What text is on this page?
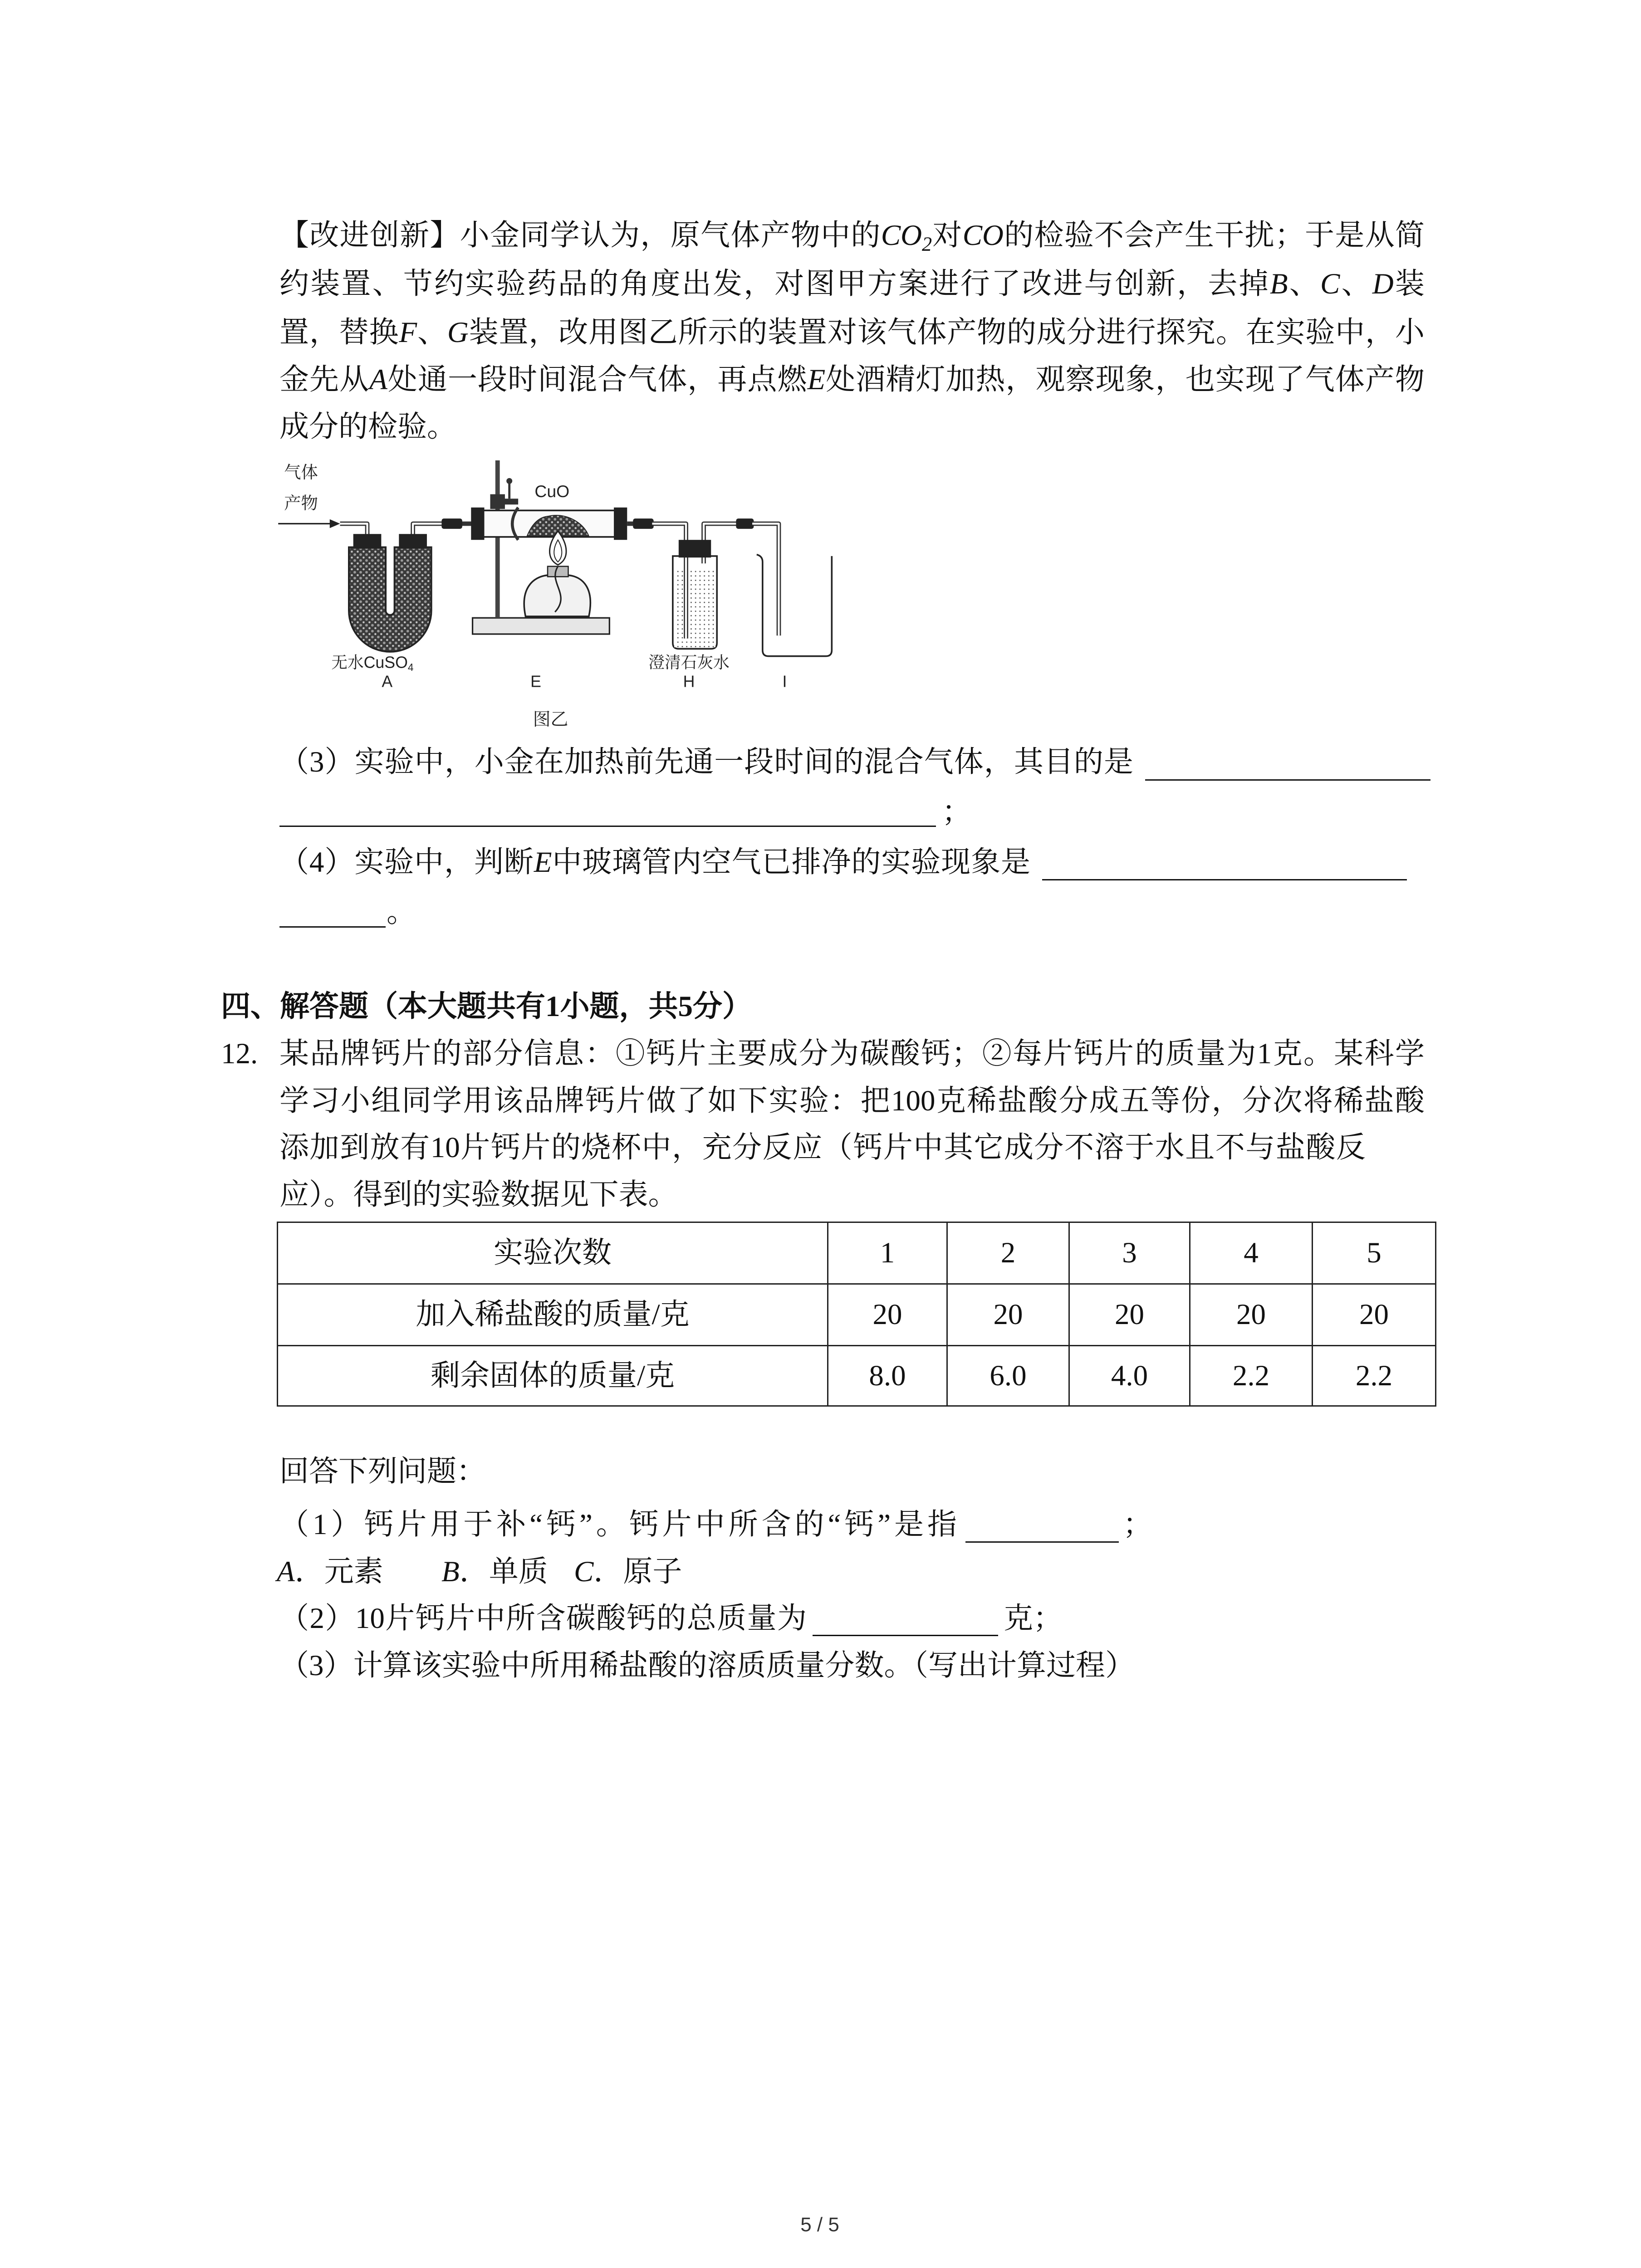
【改进创新】小金同学认为，原气体产物中的$CO_2$对CO的检验不会产生干扰；于是从简
约装置、节约实验药品的角度出发，对图甲方案进行了改进与创新，去掉B、C、D装
置，替换F、G装置，改用图乙所示的装置对该气体产物的成分进行探究。在实验中，小
金先从A处通一段时间混合气体，再点燃E处酒精灯加热，观察现象，也实现了气体产物
成分的检验。
气体
产物
CuO
无水CuSO4
A	E
澄清石灰水
H	I
图乙
（3）实验中，小金在加热前先通一段时间的混合气体，其目的是
；
（4）实验中，判断E中玻璃管内空气已排净的实验现象是
。
四、解答题（本大题共有1小题，共5分）
12. 某品牌钙片的部分信息：①钙片主要成分为碳酸钙；②每片钙片的质量为1克。某科学
学习小组同学用该品牌钙片做了如下实验：把100克稀盐酸分成五等份，分次将稀盐酸
添加到放有10片钙片的烧杯中，充分反应（钙片中其它成分不溶于水且不与盐酸反
应）。得到的实验数据见下表。
实验次数	1	2	3	4	5
加入稀盐酸的质量/克	20	20	20	20	20
剩余固体的质量/克	8.0	6.0	4.0	2.2	2.2
回答下列问题：
（1）钙片用于补“钙”。钙片中所含的“钙”是指	；
A．元素 B．单质 C．原子
（2）10片钙片中所含碳酸钙的总质量为	克；
（3）计算该实验中所用稀盐酸的溶质质量分数。（写出计算过程）
5 / 5
